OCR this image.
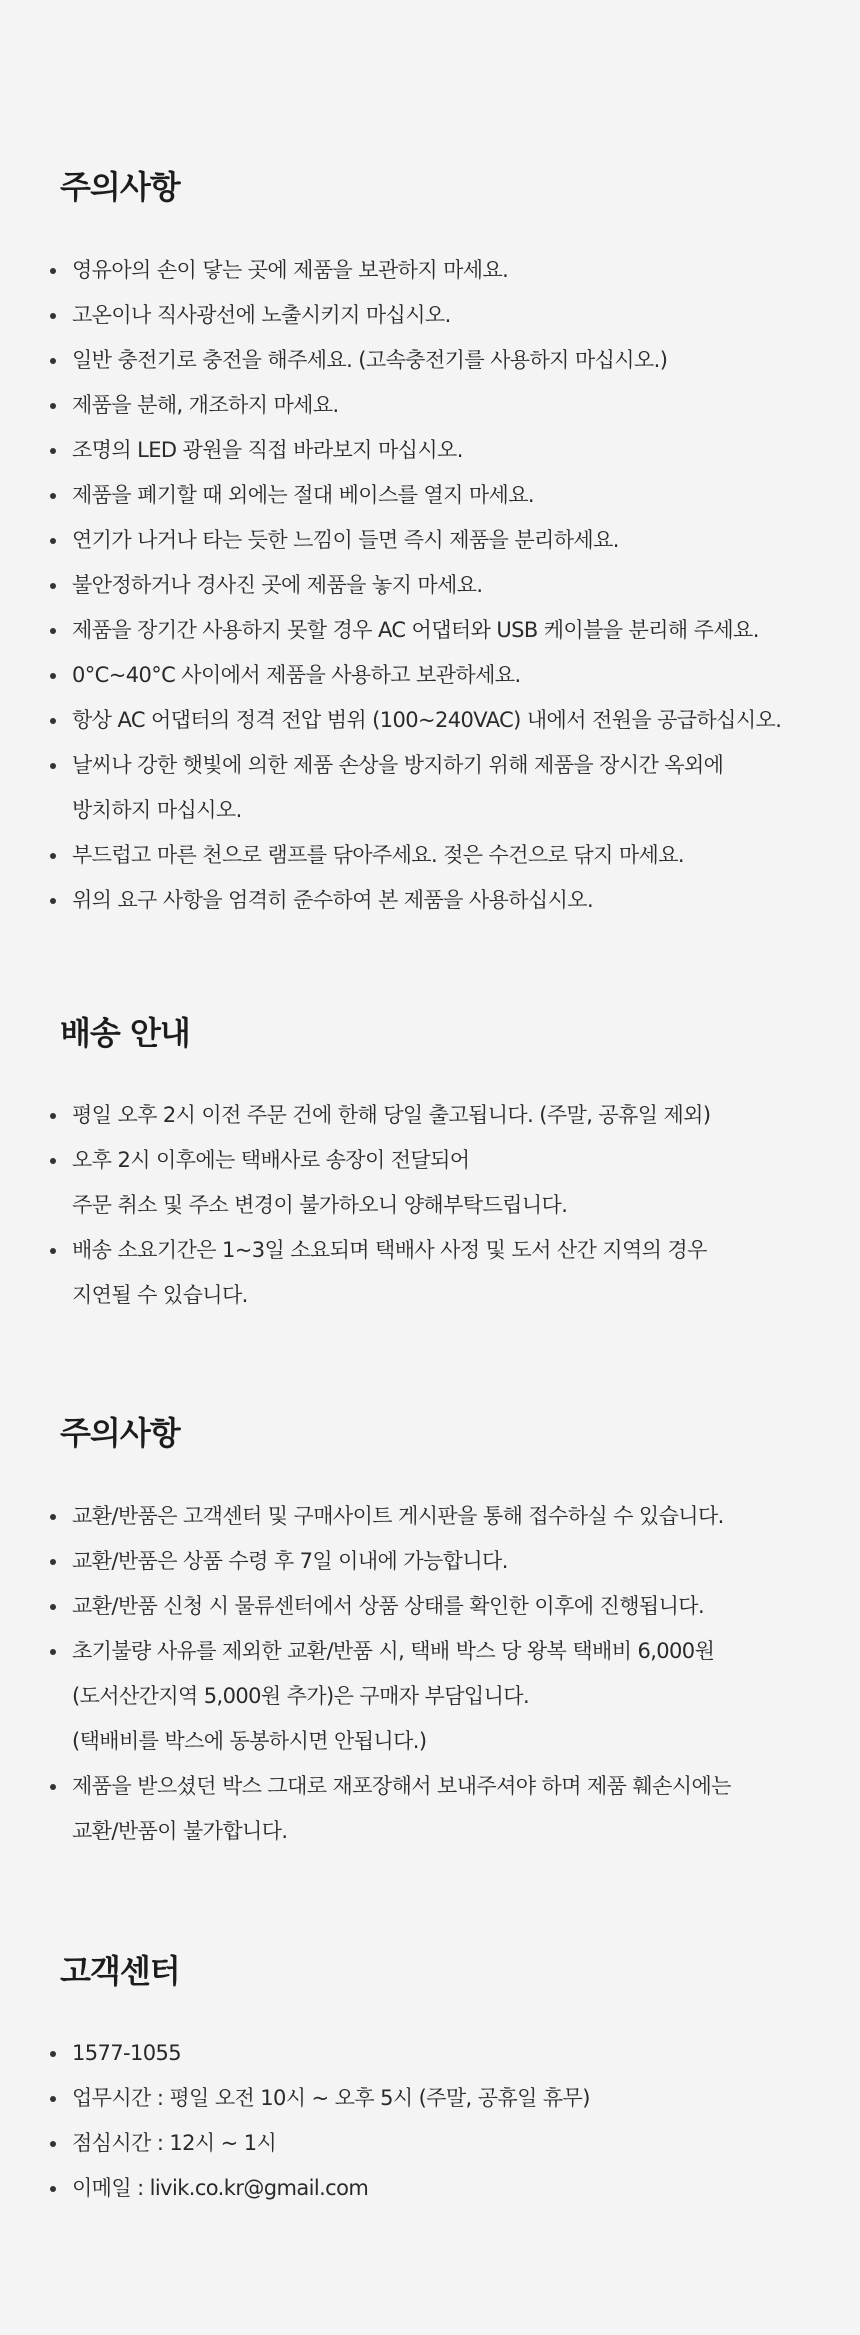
주의사항
영유아의 손이 닿는 곳에 제품을 보관하지 마세요.
고온이나 직사광선에 노출시키지 마십시오.
일반 충전기로 충전을 해주세요. (고속충전기를 사용하지 마십시오.)
제품을 분해, 개조하지 마세요.
조명의 LED 광원을 직접 바라보지 마십시오.
제품을 폐기할 때 외에는 절대 베이스를 열지 마세요.
연기가 나거나 타는 듯한 느낌이 들면 즉시 제품을 분리하세요.
불안정하거나 경사진 곳에 제품을 놓지 마세요.
제품을 장기간 사용하지 못할 경우 AC 어댑터와 USB 케이블을 분리해 주세요.
0°C~40°C 사이에서 제품을 사용하고 보관하세요.
항상 AC 어댑터의 정격 전압 범위 (100~240VAC) 내에서 전원을 공급하십시오.
날씨나 강한 햇빛에 의한 제품 손상을 방지하기 위해 제품을 장시간 옥외에
방치하지 마십시오.
부드럽고 마른 천으로 램프를 닦아주세요. 젖은 수건으로 닦지 마세요.
위의 요구 사항을 엄격히 준수하여 본 제품을 사용하십시오.
배송 안내
평일 오후 2시 이전 주문 건에 한해 당일 출고됩니다. (주말, 공휴일 제외)
오후 2시 이후에는 택배사로 송장이 전달되어
주문 취소 및 주소 변경이 불가하오니 양해부탁드립니다.
배송 소요기간은 1~3일 소요되며 택배사 사정 및 도서 산간 지역의 경우
지연될 수 있습니다.
주의사항
교환/반품은 고객센터 및 구매사이트 게시판을 통해 접수하실 수 있습니다.
교환/반품은 상품 수령 후 7일 이내에 가능합니다.
교환/반품 신청 시 물류센터에서 상품 상태를 확인한 이후에 진행됩니다.
초기불량 사유를 제외한 교환/반품 시, 택배 박스 당 왕복 택배비 6,000원
(도서산간지역 5,000원 추가)은 구매자 부담입니다.
(택배비를 박스에 동봉하시면 안됩니다.)
제품을 받으셨던 박스 그대로 재포장해서 보내주셔야 하며 제품 훼손시에는
교환/반품이 불가합니다.
고객센터
1577-1055
업무시간 : 평일 오전 10시 ~ 오후 5시 (주말, 공휴일 휴무)
점심시간 : 12시 ~ 1시
이메일 : livik.co.kr@gmail.com
